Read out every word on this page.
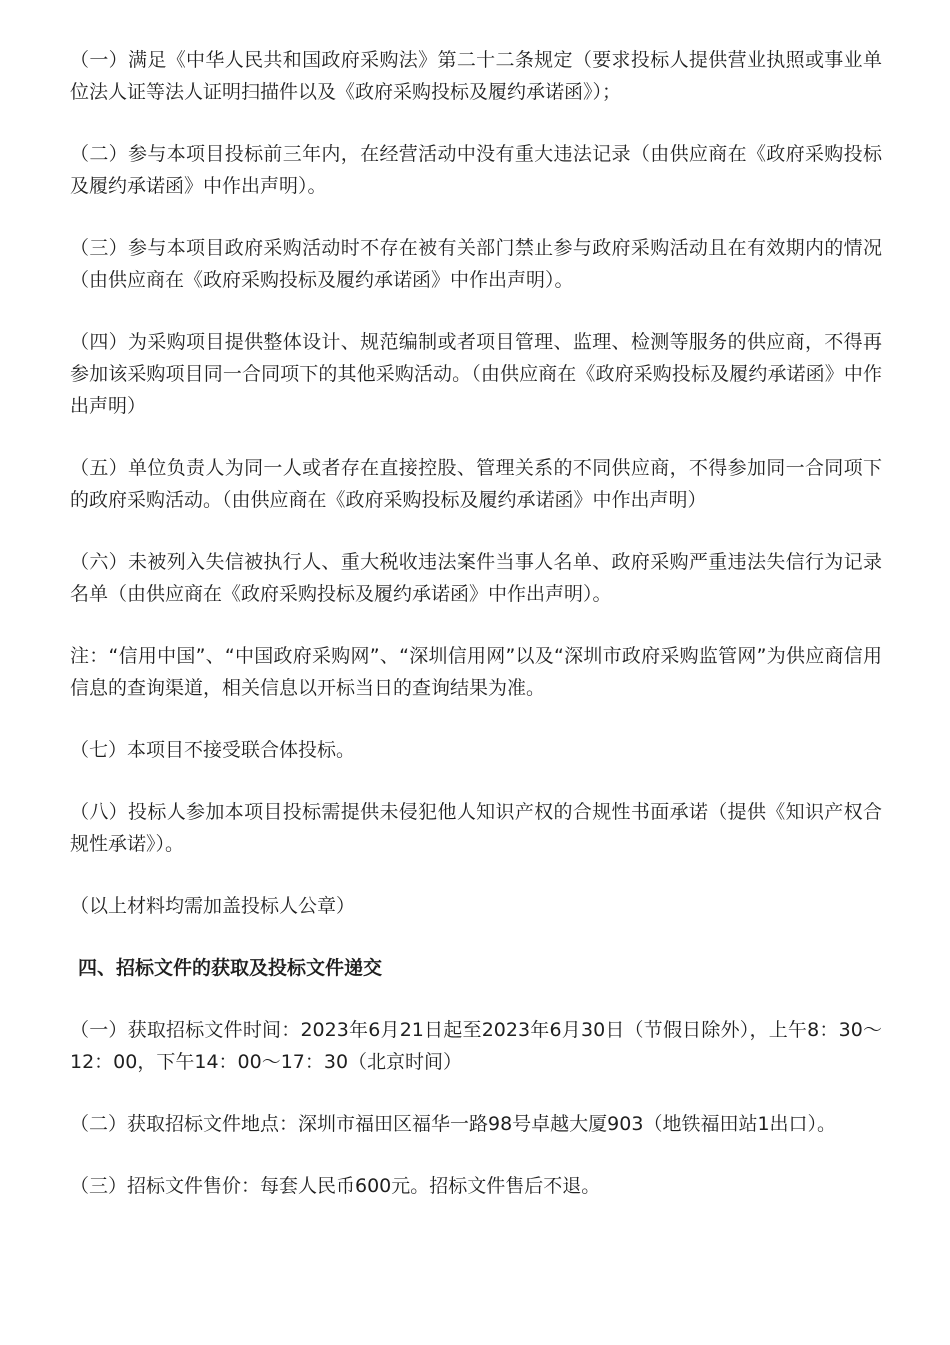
（一）满足《中华人民共和国政府采购法》第二十二条规定（要求投标人提供营业执照或事业单位法人证等法人证明扫描件以及《政府采购投标及履约承诺函》）；

（二）参与本项目投标前三年内，在经营活动中没有重大违法记录（由供应商在《政府采购投标及履约承诺函》中作出声明）。

（三）参与本项目政府采购活动时不存在被有关部门禁止参与政府采购活动且在有效期内的情况（由供应商在《政府采购投标及履约承诺函》中作出声明）。

（四）为采购项目提供整体设计、规范编制或者项目管理、监理、检测等服务的供应商，不得再参加该采购项目同一合同项下的其他采购活动。（由供应商在《政府采购投标及履约承诺函》中作出声明）

（五）单位负责人为同一人或者存在直接控股、管理关系的不同供应商，不得参加同一合同项下的政府采购活动。（由供应商在《政府采购投标及履约承诺函》中作出声明）

（六）未被列入失信被执行人、重大税收违法案件当事人名单、政府采购严重违法失信行为记录名单（由供应商在《政府采购投标及履约承诺函》中作出声明）。

注：“信用中国”、“中国政府采购网”、“深圳信用网”以及“深圳市政府采购监管网”为供应商信用信息的查询渠道，相关信息以开标当日的查询结果为准。

（七）本项目不接受联合体投标。

（八）投标人参加本项目投标需提供未侵犯他人知识产权的合规性书面承诺（提供《知识产权合规性承诺》）。

（以上材料均需加盖投标人公章）

四、招标文件的获取及投标文件递交

（一）获取招标文件时间：2023年6月21日起至2023年6月30日（节假日除外），上午8：30～12：00，下午14：00～17：30（北京时间）

（二）获取招标文件地点：深圳市福田区福华一路98号卓越大厦903（地铁福田站1出口）。

（三）招标文件售价：每套人民币600元。招标文件售后不退。
